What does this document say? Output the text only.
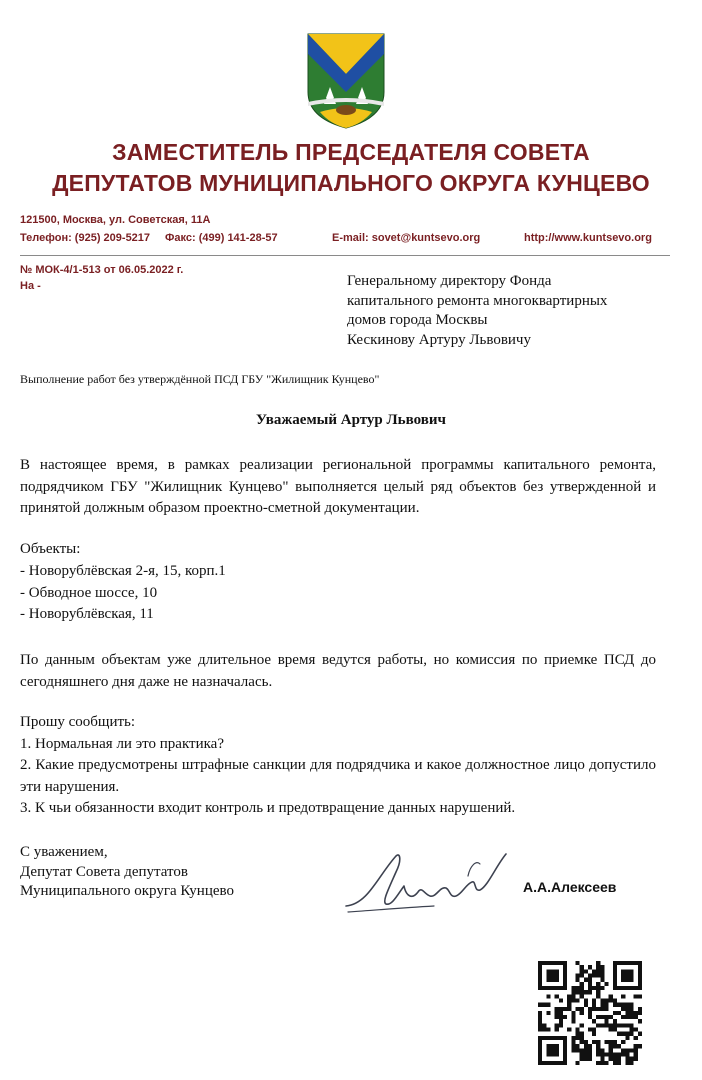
ЗАМЕСТИТЕЛЬ ПРЕДСЕДАТЕЛЯ СОВЕТА
ДЕПУТАТОВ МУНИЦИПАЛЬНОГО ОКРУГА КУНЦЕВО
121500, Москва, ул. Советская, 11А
Телефон: (925) 209-5217 Факс: (499) 141-28-57	E-mail: sovet@kuntsevo.org	http://www.kuntsevo.org
№ МОК-4/1-513 от 06.05.2022 г.
На -	Генеральному директору Фонда
капитального ремонта многоквартирных
домов города Москвы
Кескинову Артуру Львовичу
Выполнение работ без утверждённой ПСД ГБУ "Жилищник Кунцево"
Уважаемый Артур Львович
В настоящее время, в рамках реализации региональной программы капитального ремонта, подрядчиком ГБУ "Жилищник Кунцево" выполняется целый ряд объектов без утвержденной и принятой должным образом проектно-сметной документации.
Объекты:
- Новорублёвская 2-я, 15, корп.1
- Обводное шоссе, 10
- Новорублёвская, 11
По данным объектам уже длительное время ведутся работы, но комиссия по приемке ПСД до сегодняшнего дня даже не назначалась.
Прошу сообщить:
1. Нормальная ли это практика?
2. Какие предусмотрены штрафные санкции для подрядчика и какое должностное лицо допустило эти нарушения.
3. К чьи обязанности входит контроль и предотвращение данных нарушений.
С уважением,
Депутат Совета депутатов
Муниципального округа Кунцево	А.А.Алексеев
